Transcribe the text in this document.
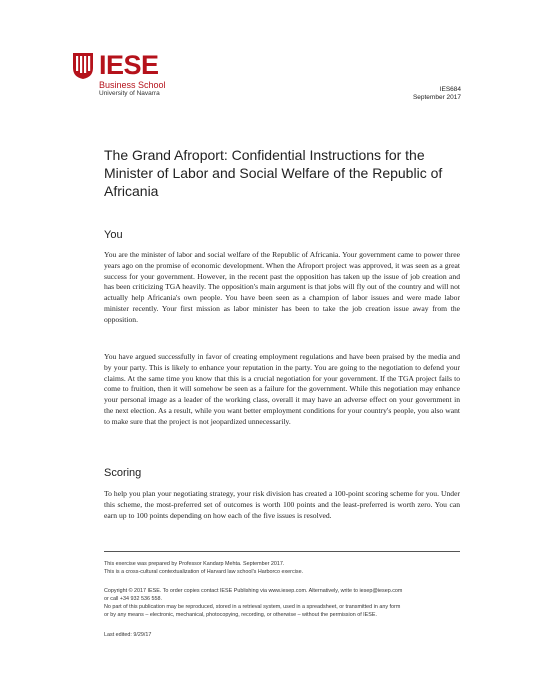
IESE
Business School
University of Navarra
IES684
September 2017
The Grand Afroport: Confidential Instructions for the Minister of Labor and Social Welfare of the Republic of Africania
You
You are the minister of labor and social welfare of the Republic of Africania. Your government came to power three years ago on the promise of economic development. When the Afroport project was approved, it was seen as a great success for your government. However, in the recent past the opposition has taken up the issue of job creation and has been criticizing TGA heavily. The opposition's main argument is that jobs will fly out of the country and will not actually help Africania's own people. You have been seen as a champion of labor issues and were made labor minister recently. Your first mission as labor minister has been to take the job creation issue away from the opposition.
You have argued successfully in favor of creating employment regulations and have been praised by the media and by your party. This is likely to enhance your reputation in the party. You are going to the negotiation to defend your claims. At the same time you know that this is a crucial negotiation for your government. If the TGA project fails to come to fruition, then it will somehow be seen as a failure for the government. While this negotiation may enhance your personal image as a leader of the working class, overall it may have an adverse effect on your government in the next election. As a result, while you want better employment conditions for your country's people, you also want to make sure that the project is not jeopardized unnecessarily.
Scoring
To help you plan your negotiating strategy, your risk division has created a 100-point scoring scheme for you. Under this scheme, the most-preferred set of outcomes is worth 100 points and the least-preferred is worth zero. You can earn up to 100 points depending on how each of the five issues is resolved.
This exercise was prepared by Professor Kandarp Mehta. September 2017.
This is a cross-cultural contextualization of Harvard law school's Harborco exercise.
Copyright © 2017 IESE. To order copies contact IESE Publishing via www.iesep.com. Alternatively, write to iesep@iesep.com
or call +34 932 536 558.
No part of this publication may be reproduced, stored in a retrieval system, used in a spreadsheet, or transmitted in any form
or by any means – electronic, mechanical, photocopying, recording, or otherwise – without the permission of IESE.
Last edited: 9/29/17
